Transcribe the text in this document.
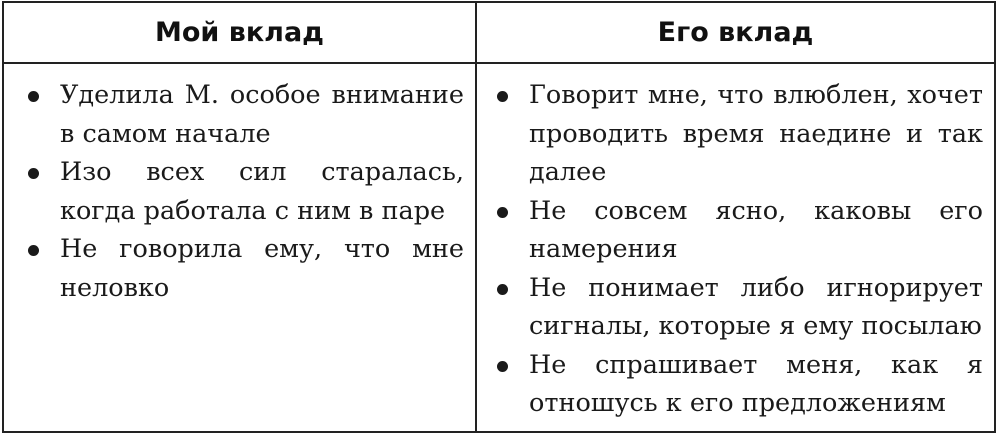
Мой вклад	Его вклад
Уделила М. особое внимание в самом начале
Изо всех сил старалась, когда работала с ним в паре
Не говорила ему, что мне неловко
Говорит мне, что влюблен, хочет проводить время наедине и так далее
Не совсем ясно, каковы его намерения
Не понимает либо игнорирует сигналы, которые я ему посылаю
Не спрашивает меня, как я отношусь к его предложениям
